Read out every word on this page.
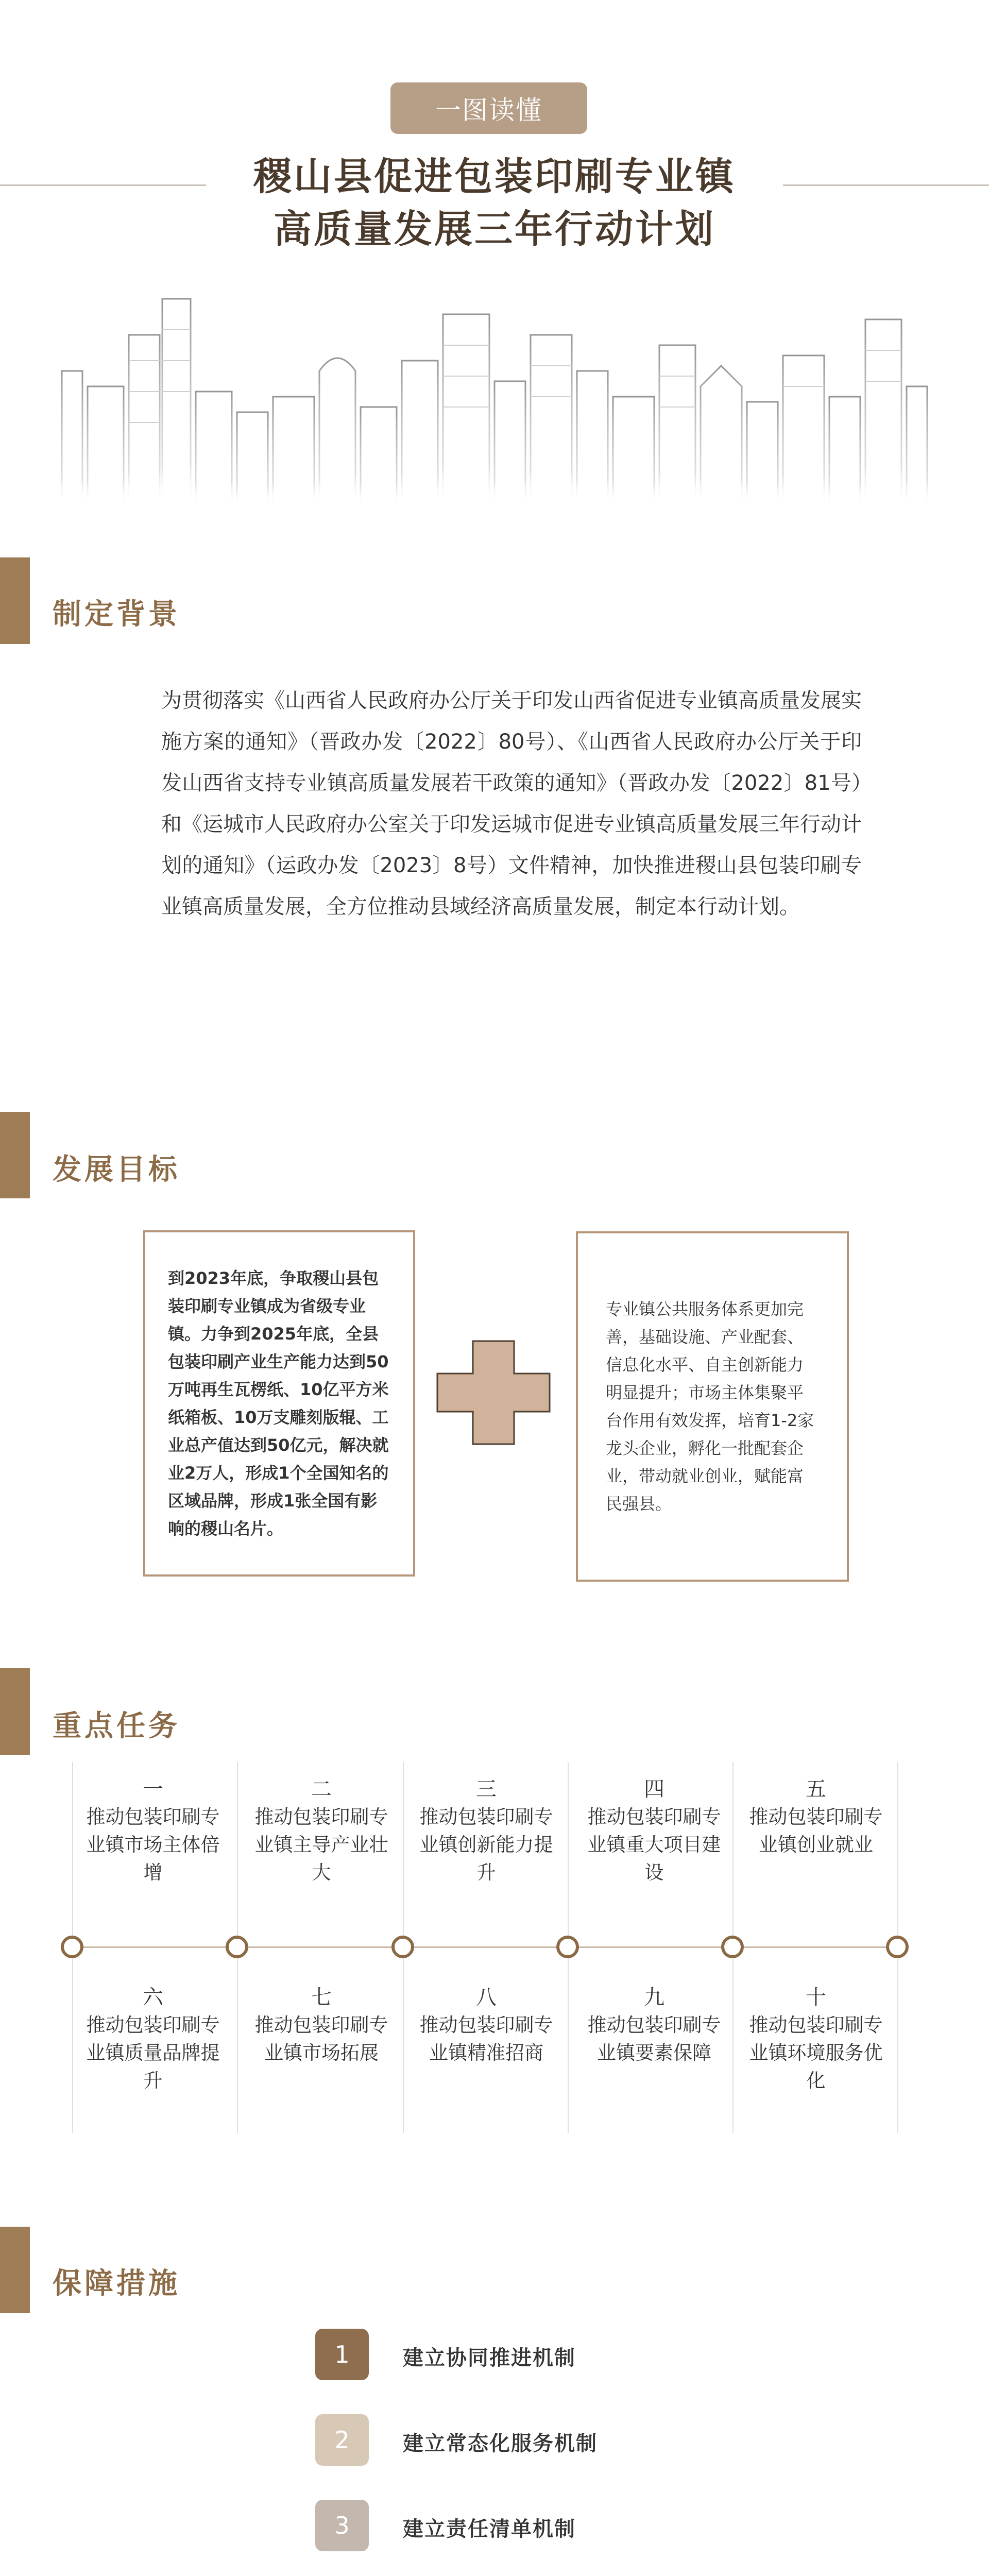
一图读懂
稷山县促进包装印刷专业镇
高质量发展三年行动计划
制定背景
为贯彻落实《山西省人民政府办公厅关于印发山西省促进专业镇高质量发展实施方案的通知》（晋政办发〔2022〕80号）、《山西省人民政府办公厅关于印发山西省支持专业镇高质量发展若干政策的通知》（晋政办发〔2022〕81号）和《运城市人民政府办公室关于印发运城市促进专业镇高质量发展三年行动计划的通知》（运政办发〔2023〕8号）文件精神，加快推进稷山县包装印刷专业镇高质量发展，全方位推动县域经济高质量发展，制定本行动计划。
发展目标
到2023年底，争取稷山县包装印刷专业镇成为省级专业镇。力争到2025年底，全县包装印刷产业生产能力达到50万吨再生瓦楞纸、10亿平方米纸箱板、10万支雕刻版辊、工业总产值达到50亿元，解决就业2万人，形成1个全国知名的区域品牌，形成1张全国有影响的稷山名片。
专业镇公共服务体系更加完善，基础设施、产业配套、信息化水平、自主创新能力明显提升；市场主体集聚平台作用有效发挥，培育1-2家龙头企业，孵化一批配套企业，带动就业创业，赋能富民强县。
重点任务
一
推动包装印刷专业镇市场主体倍增
二
推动包装印刷专业镇主导产业壮大
三
推动包装印刷专业镇创新能力提升
四
推动包装印刷专业镇重大项目建设
五
推动包装印刷专业镇创业就业
六
推动包装印刷专业镇质量品牌提升
七
推动包装印刷专业镇市场拓展
八
推动包装印刷专业镇精准招商
九
推动包装印刷专业镇要素保障
十
推动包装印刷专业镇环境服务优化
保障措施
1	建立协同推进机制
2	建立常态化服务机制
3	建立责任清单机制
